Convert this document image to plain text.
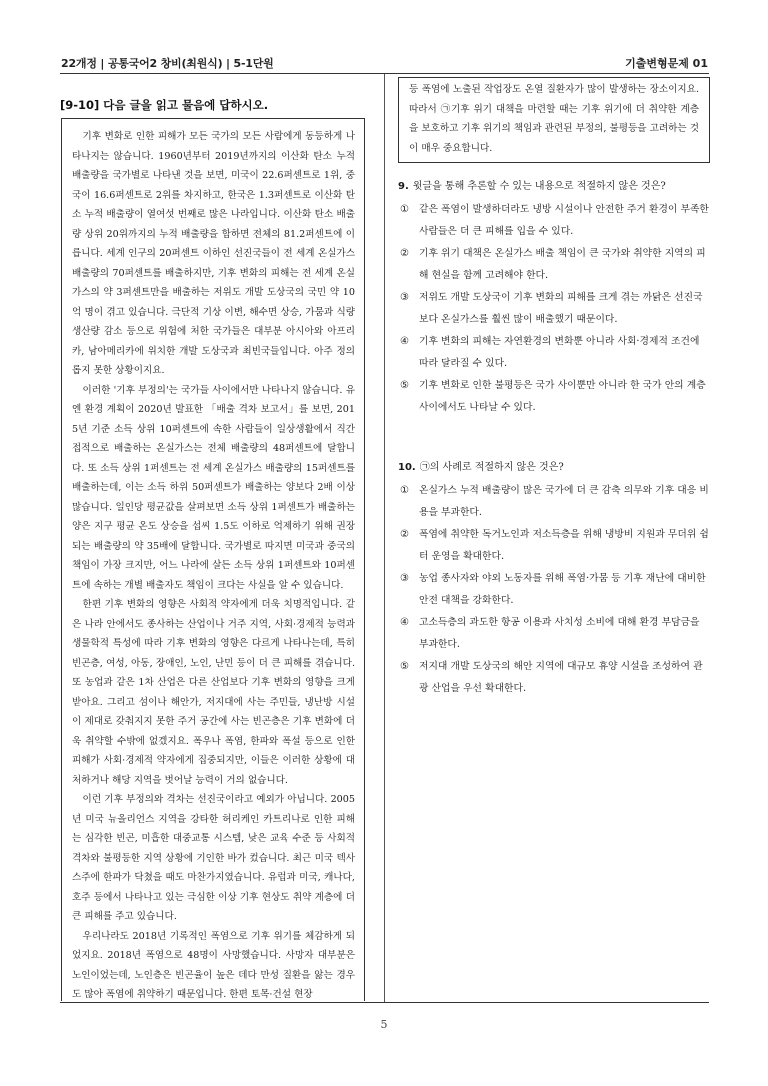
22개정 | 공통국어2 창비(최원식) | 5-1단원	기출변형문제 01
[9-10] 다음 글을 읽고 물음에 답하시오.

기후 변화로 인한 피해가 모든 국가의 모든 사람에게 동등하게 나타나지는 않습니다. 1960년부터 2019년까지의 이산화 탄소 누적 배출량을 국가별로 나타낸 것을 보면, 미국이 22.6퍼센트로 1위, 중국이 16.6퍼센트로 2위를 차지하고, 한국은 1.3퍼센트로 이산화 탄소 누적 배출량이 열여섯 번째로 많은 나라입니다. 이산화 탄소 배출량 상위 20위까지의 누적 배출량을 합하면 전체의 81.2퍼센트에 이릅니다. 세계 인구의 20퍼센트 이하인 선진국들이 전 세계 온실가스 배출량의 70퍼센트를 배출하지만, 기후 변화의 피해는 전 세계 온실가스의 약 3퍼센트만을 배출하는 저위도 개발 도상국의 국민 약 10억 명이 겪고 있습니다. 극단적 기상 이변, 해수면 상승, 가뭄과 식량 생산량 감소 등으로 위험에 처한 국가들은 대부분 아시아와 아프리카, 남아메리카에 위치한 개발 도상국과 최빈국들입니다. 아주 정의롭지 못한 상황이지요.

이러한 '기후 부정의'는 국가들 사이에서만 나타나지 않습니다. 유엔 환경 계획이 2020년 발표한 「배출 격차 보고서」를 보면, 2015년 기준 소득 상위 10퍼센트에 속한 사람들이 일상생활에서 직간접적으로 배출하는 온실가스는 전체 배출량의 48퍼센트에 달합니다. 또 소득 상위 1퍼센트는 전 세계 온실가스 배출량의 15퍼센트를 배출하는데, 이는 소득 하위 50퍼센트가 배출하는 양보다 2배 이상 많습니다. 일인당 평균값을 살펴보면 소득 상위 1퍼센트가 배출하는 양은 지구 평균 온도 상승을 섭씨 1.5도 이하로 억제하기 위해 권장되는 배출량의 약 35배에 달합니다. 국가별로 따지면 미국과 중국의 책임이 가장 크지만, 어느 나라에 살든 소득 상위 1퍼센트와 10퍼센트에 속하는 개별 배출자도 책임이 크다는 사실을 알 수 있습니다.

한편 기후 변화의 영향은 사회적 약자에게 더욱 치명적입니다. 같은 나라 안에서도 종사하는 산업이나 거주 지역, 사회·경제적 능력과 생물학적 특성에 따라 기후 변화의 영향은 다르게 나타나는데, 특히 빈곤층, 여성, 아동, 장애인, 노인, 난민 등이 더 큰 피해를 겪습니다. 또 농업과 같은 1차 산업은 다른 산업보다 기후 변화의 영향을 크게 받아요. 그리고 섬이나 해안가, 저지대에 사는 주민들, 냉난방 시설이 제대로 갖춰지지 못한 주거 공간에 사는 빈곤층은 기후 변화에 더욱 취약할 수밖에 없겠지요. 폭우나 폭염, 한파와 폭설 등으로 인한 피해가 사회·경제적 약자에게 집중되지만, 이들은 이러한 상황에 대처하거나 해당 지역을 벗어날 능력이 거의 없습니다.

이런 기후 부정의와 격차는 선진국이라고 예외가 아닙니다. 2005년 미국 뉴올리언스 지역을 강타한 허리케인 카트리나로 인한 피해는 심각한 빈곤, 미흡한 대중교통 시스템, 낮은 교육 수준 등 사회적 격차와 불평등한 지역 상황에 기인한 바가 컸습니다. 최근 미국 텍사스주에 한파가 닥쳤을 때도 마찬가지였습니다. 유럽과 미국, 캐나다, 호주 등에서 나타나고 있는 극심한 이상 기후 현상도 취약 계층에 더 큰 피해를 주고 있습니다.

우리나라도 2018년 기록적인 폭염으로 기후 위기를 체감하게 되었지요. 2018년 폭염으로 48명이 사망했습니다. 사망자 대부분은 노인이었는데, 노인층은 빈곤율이 높은 데다 만성 질환을 앓는 경우도 많아 폭염에 취약하기 때문입니다. 한편 토목·건설 현장

등 폭염에 노출된 작업장도 온열 질환자가 많이 발생하는 장소이지요. 따라서 ㉠기후 위기 대책을 마련할 때는 기후 위기에 더 취약한 계층을 보호하고 기후 위기의 책임과 관련된 부정의, 불평등을 고려하는 것이 매우 중요합니다.

9. 윗글을 통해 추론할 수 있는 내용으로 적절하지 않은 것은?

①	같은 폭염이 발생하더라도 냉방 시설이나 안전한 주거 환경이 부족한 사람들은 더 큰 피해를 입을 수 있다.
②	기후 위기 대책은 온실가스 배출 책임이 큰 국가와 취약한 지역의 피해 현실을 함께 고려해야 한다.
③	저위도 개발 도상국이 기후 변화의 피해를 크게 겪는 까닭은 선진국보다 온실가스를 훨씬 많이 배출했기 때문이다.
④	기후 변화의 피해는 자연환경의 변화뿐 아니라 사회·경제적 조건에 따라 달라질 수 있다.
⑤	기후 변화로 인한 불평등은 국가 사이뿐만 아니라 한 국가 안의 계층 사이에서도 나타날 수 있다.

10. ㉠의 사례로 적절하지 않은 것은?

①	온실가스 누적 배출량이 많은 국가에 더 큰 감축 의무와 기후 대응 비용을 부과한다.
②	폭염에 취약한 독거노인과 저소득층을 위해 냉방비 지원과 무더위 쉼터 운영을 확대한다.
③	농업 종사자와 야외 노동자를 위해 폭염·가뭄 등 기후 재난에 대비한 안전 대책을 강화한다.
④	고소득층의 과도한 항공 이용과 사치성 소비에 대해 환경 부담금을 부과한다.
⑤	저지대 개발 도상국의 해안 지역에 대규모 휴양 시설을 조성하여 관광 산업을 우선 확대한다.
5
